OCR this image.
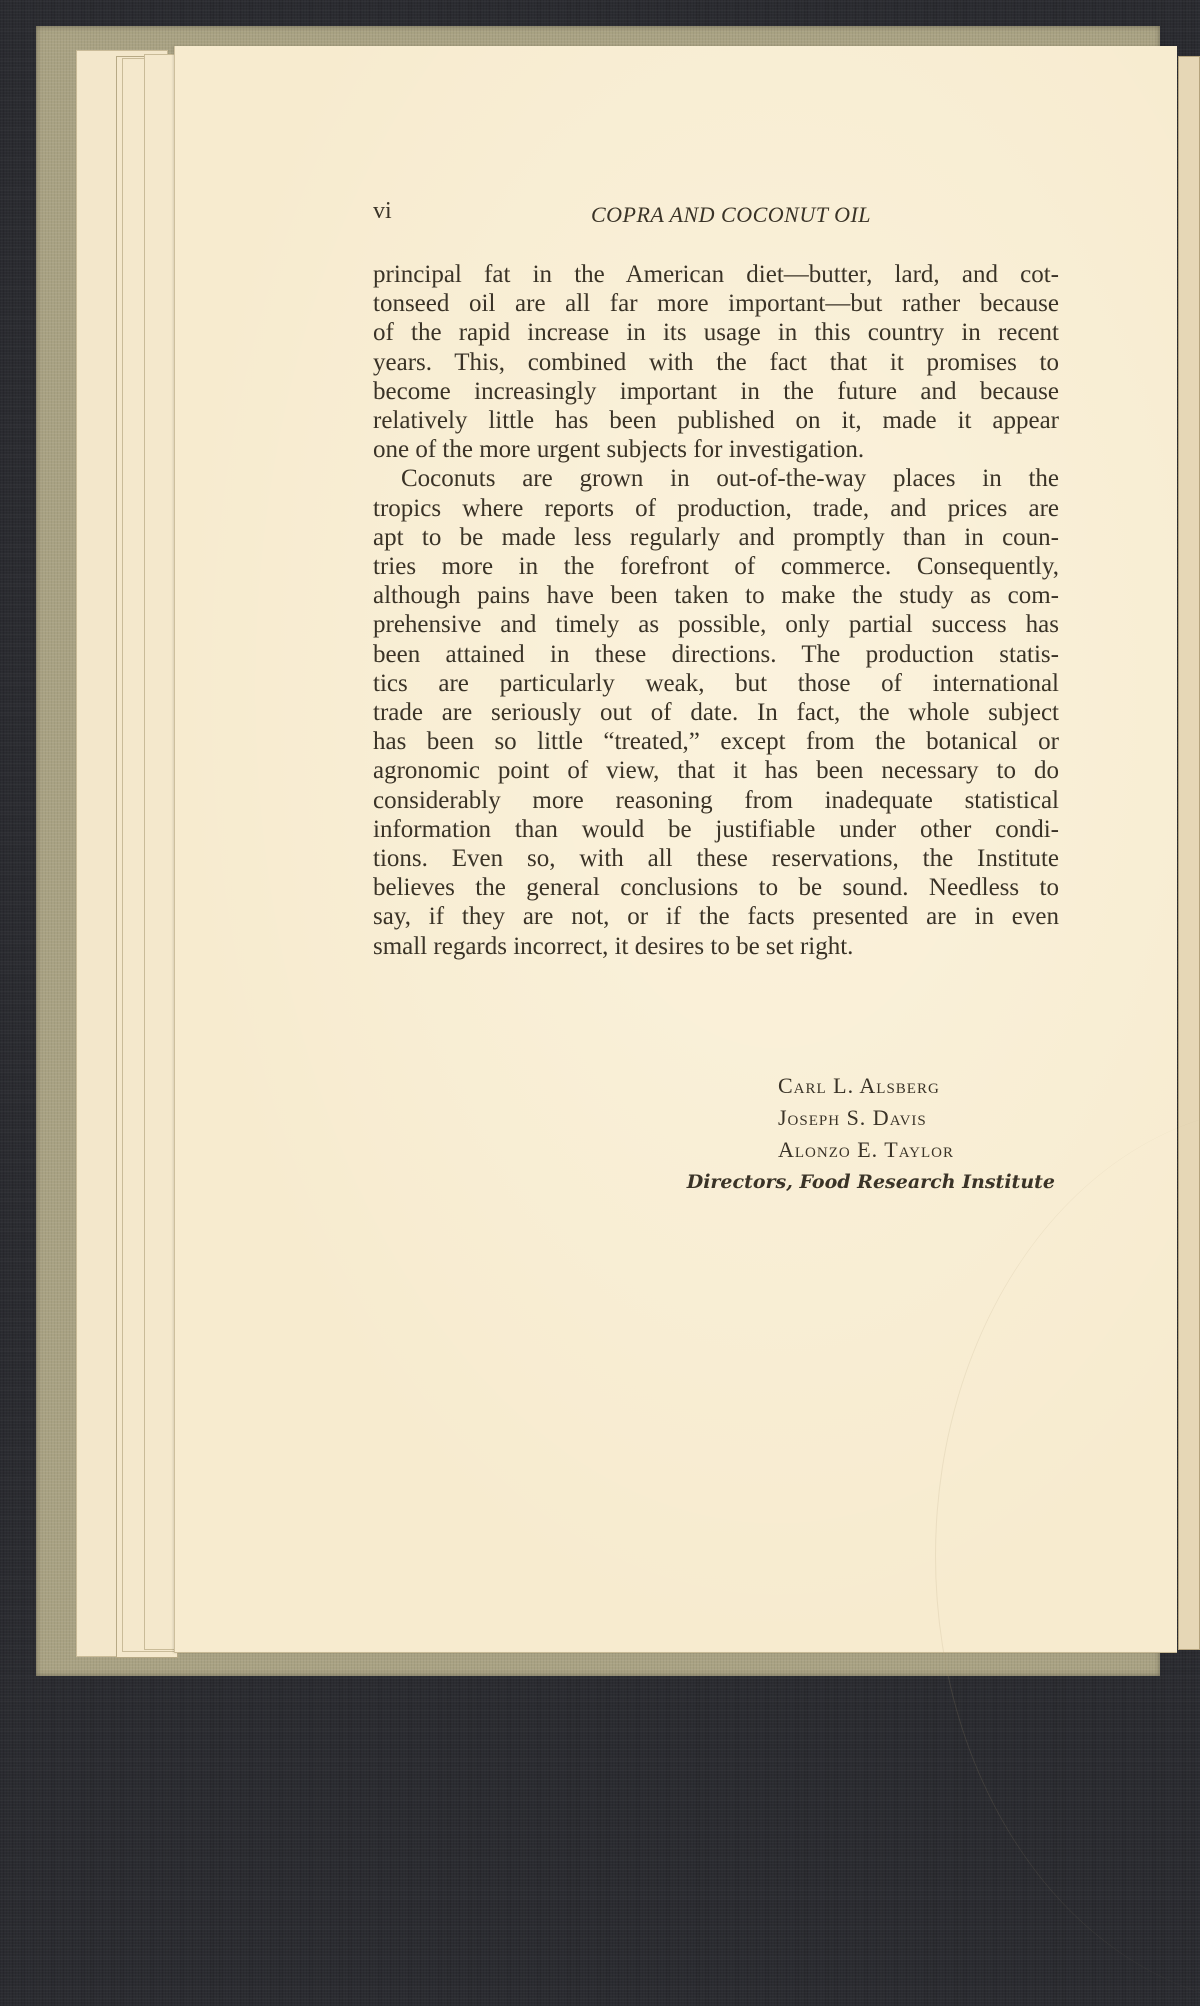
vi	COPRA AND COCONUT OIL
principal fat in the American diet—butter, lard, and cot-
tonseed oil are all far more important—but rather because
of the rapid increase in its usage in this country in recent
years. This, combined with the fact that it promises to
become increasingly important in the future and because
relatively little has been published on it, made it appear
one of the more urgent subjects for investigation.
Coconuts are grown in out-of-the-way places in the
tropics where reports of production, trade, and prices are
apt to be made less regularly and promptly than in coun-
tries more in the forefront of commerce. Consequently,
although pains have been taken to make the study as com-
prehensive and timely as possible, only partial success has
been attained in these directions. The production statis-
tics are particularly weak, but those of international
trade are seriously out of date. In fact, the whole subject
has been so little “treated,” except from the botanical or
agronomic point of view, that it has been necessary to do
considerably more reasoning from inadequate statistical
information than would be justifiable under other condi-
tions. Even so, with all these reservations, the Institute
believes the general conclusions to be sound. Needless to
say, if they are not, or if the facts presented are in even
small regards incorrect, it desires to be set right.
Carl L. Alsberg
Joseph S. Davis
Alonzo E. Taylor
Directors, Food Research Institute
